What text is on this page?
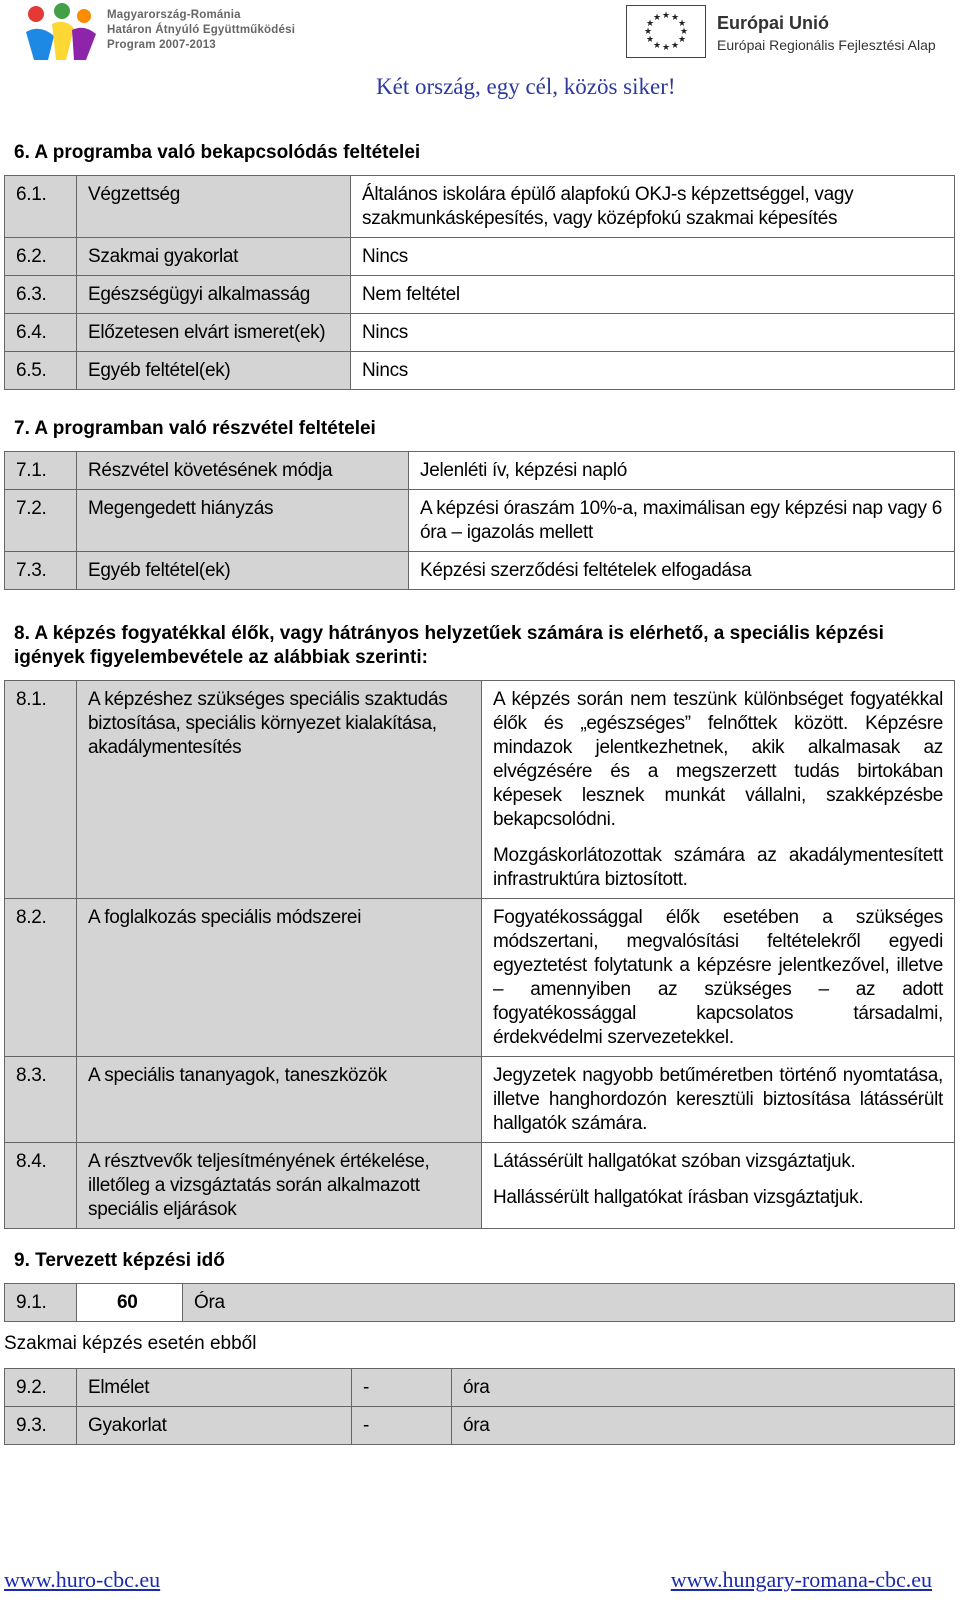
Magyarország-Románia
Határon Átnyúló Együttműködési
Program 2007-2013
★ ★
★
★
★
★
★
★
★
★
★
★	Európai Unió
Európai Regionális Fejlesztési Alap
Két ország, egy cél, közös siker!
6. A programba való bekapcsolódás feltételei
6.1.	Végzettség	Általános iskolára épülő alapfokú OKJ-s képzettséggel, vagy szakmunkásképesítés, vagy középfokú szakmai képesítés
6.2.	Szakmai gyakorlat	Nincs
6.3.	Egészségügyi alkalmasság	Nem feltétel
6.4.	Előzetesen elvárt ismeret(ek)	Nincs
6.5.	Egyéb feltétel(ek)	Nincs
7. A programban való részvétel feltételei
7.1.	Részvétel követésének módja	Jelenléti ív, képzési napló
7.2.	Megengedett hiányzás	A képzési óraszám 10%-a, maximálisan egy képzési nap vagy 6 óra – igazolás mellett
7.3.	Egyéb feltétel(ek)	Képzési szerződési feltételek elfogadása
8. A képzés fogyatékkal élők, vagy hátrányos helyzetűek számára is elérhető, a speciális képzési igények figyelembevétele az alábbiak szerinti:
8.1.	A képzéshez szükséges speciális szaktudás biztosítása, speciális környezet kialakítása, akadálymentesítés	A képzés során nem teszünk különbséget fogyatékkal élők és „egészséges” felnőttek között. Képzésre mindazok jelentkezhetnek, akik alkalmasak az elvégzésére és a megszerzett tudás birtokában képesek lesznek munkát vállalni, szakképzésbe bekapcsolódni.

Mozgáskorlátozottak számára az akadálymentesített infrastruktúra biztosított.

8.2.	A foglalkozás speciális módszerei	Fogyatékossággal élők esetében a szükséges módszertani, megvalósítási feltételekről egyedi egyeztetést folytatunk a képzésre jelentkezővel, illetve – amennyiben az szükséges – az adott fogyatékossággal kapcsolatos társadalmi, érdekvédelmi szervezetekkel.

8.3.	A speciális tananyagok, taneszközök	Jegyzetek nagyobb betűméretben történő nyomtatása, illetve hanghordozón keresztüli biztosítása látássérült hallgatók számára.

8.4.	A résztvevők teljesítményének értékelése, illetőleg a vizsgáztatás során alkalmazott speciális eljárások	Látássérült hallgatókat szóban vizsgáztatjuk.

Hallássérült hallgatókat írásban vizsgáztatjuk.

9. Tervezett képzési idő
9.1.	60	Óra
Szakmai képzés esetén ebből
9.2.	Elmélet	-	óra
9.3.	Gyakorlat	-	óra
www.huro-cbc.eu	www.hungary-romana-cbc.eu
